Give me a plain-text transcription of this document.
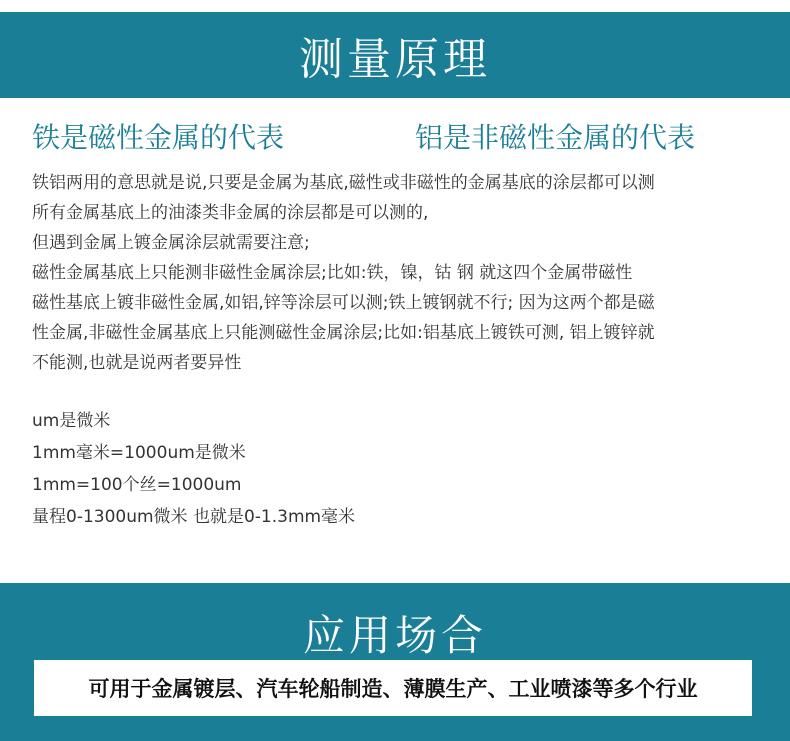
测量原理
铁是磁性金属的代表	铝是非磁性金属的代表
铁铝两用的意思就是说,只要是金属为基底,磁性或非磁性的金属基底的涂层都可以测
所有金属基底上的油漆类非金属的涂层都是可以测的,
但遇到金属上镀金属涂层就需要注意;
磁性金属基底上只能测非磁性金属涂层;比如:铁，镍，钴 钢 就这四个金属带磁性
磁性基底上镀非磁性金属,如铝,锌等涂层可以测;铁上镀钢就不行; 因为这两个都是磁
性金属,非磁性金属基底上只能测磁性金属涂层;比如:铝基底上镀铁可测, 铝上镀锌就
不能测,也就是说两者要异性
um是微米
1mm毫米=1000um是微米
1mm=100个丝=1000um
量程0-1300um微米 也就是0-1.3mm毫米
应用场合
可用于金属镀层、汽车轮船制造、薄膜生产、工业喷漆等多个行业
